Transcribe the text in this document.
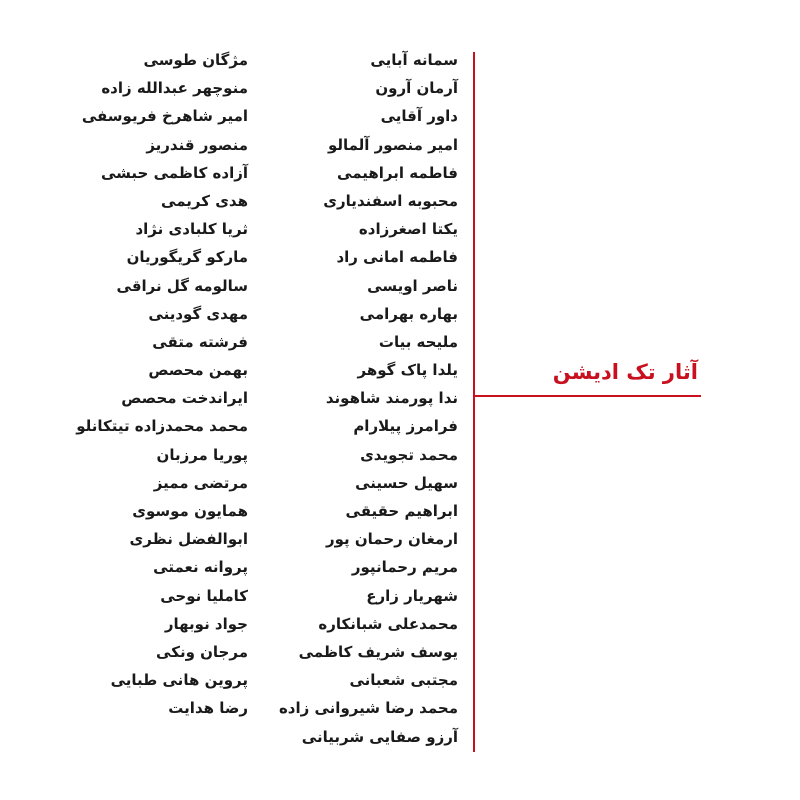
سمانه آبایی
آرمان آرون
داور آقایی
امیر منصور آلمالو
فاطمه ابراهیمی
محبوبه اسفندیاری
یکتا اصغرزاده
فاطمه امانی راد
ناصر اویسی
بهاره بهرامی
ملیحه بیات
یلدا پاک گوهر
ندا پورمند شاهوند
فرامرز پیلارام
محمد تجویدی
سهیل حسینی
ابراهیم حقیقی
ارمغان رحمان پور
مریم رحمانپور
شهریار زارع
محمدعلی شبانکاره
یوسف شریف کاظمی
مجتبی شعبانی
محمد رضا شیروانی زاده
آرزو صفایی شربیانی
مژگان طوسی
منوچهر عبدالله زاده
امیر شاهرخ فریوسفی
منصور قندریز
آزاده کاظمی حبشی
هدی کریمی
ثریا کلبادی نژاد
مارکو گریگوریان
سالومه گل نراقی
مهدی گودینی
فرشته متقی
بهمن محصص
ایراندخت محصص
محمد محمدزاده تیتکانلو
پوریا مرزبان
مرتضی ممیز
همایون موسوی
ابوالفضل نظری
پروانه نعمتی
کاملیا نوحی
جواد نوبهار
مرجان ونکی
پروین هانی طبایی
رضا هدایت
آثار تک ادیشن
